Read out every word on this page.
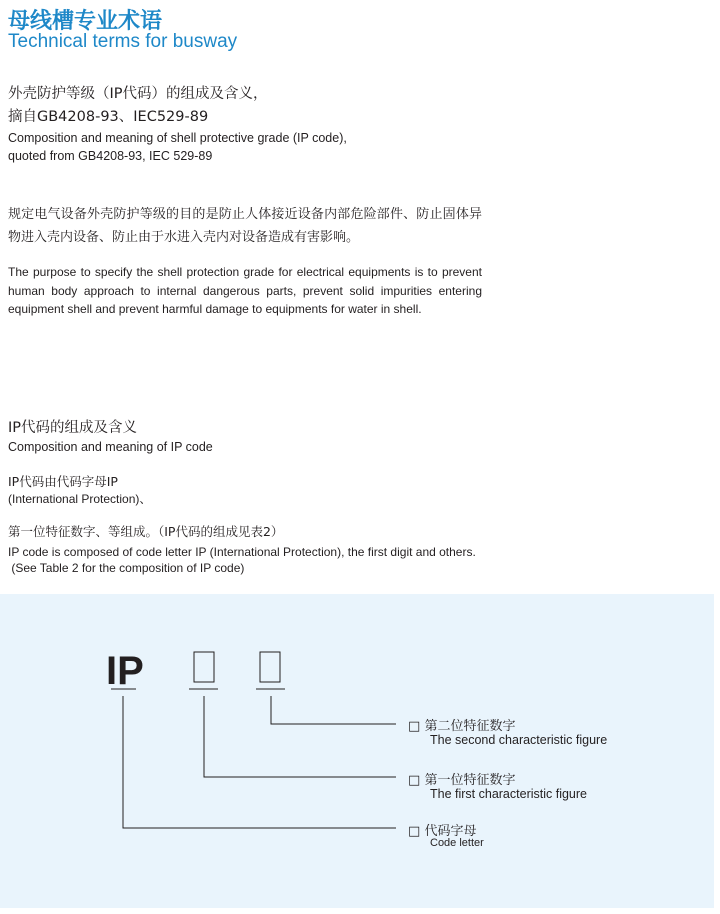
母线槽专业术语
Technical terms for busway
外壳防护等级（IP代码）的组成及含义，
摘自GB4208-93、IEC529-89
Composition and meaning of shell protective grade (IP code),
quoted from GB4208-93, IEC 529-89
规定电气设备外壳防护等级的目的是防止人体接近设备内部危险部件、防止固体异物进入壳内设备、防止由于水进入壳内对设备造成有害影响。
The purpose to specify the shell protection grade for electrical equipments is to prevent human body approach to internal dangerous parts, prevent solid impurities entering equipment shell and prevent harmful damage to equipments for water in shell.
IP代码的组成及含义
Composition and meaning of IP code
IP代码由代码字母IP
(International Protection)、
第一位特征数字、等组成。（IP代码的组成见表2）
IP code is composed of code letter IP (International Protection), the first digit and others.
(See Table 2 for the composition of IP code)
IP
□ 第二位特征数字
The second characteristic figure
□ 第一位特征数字
The first characteristic figure
□ 代码字母
Code letter
